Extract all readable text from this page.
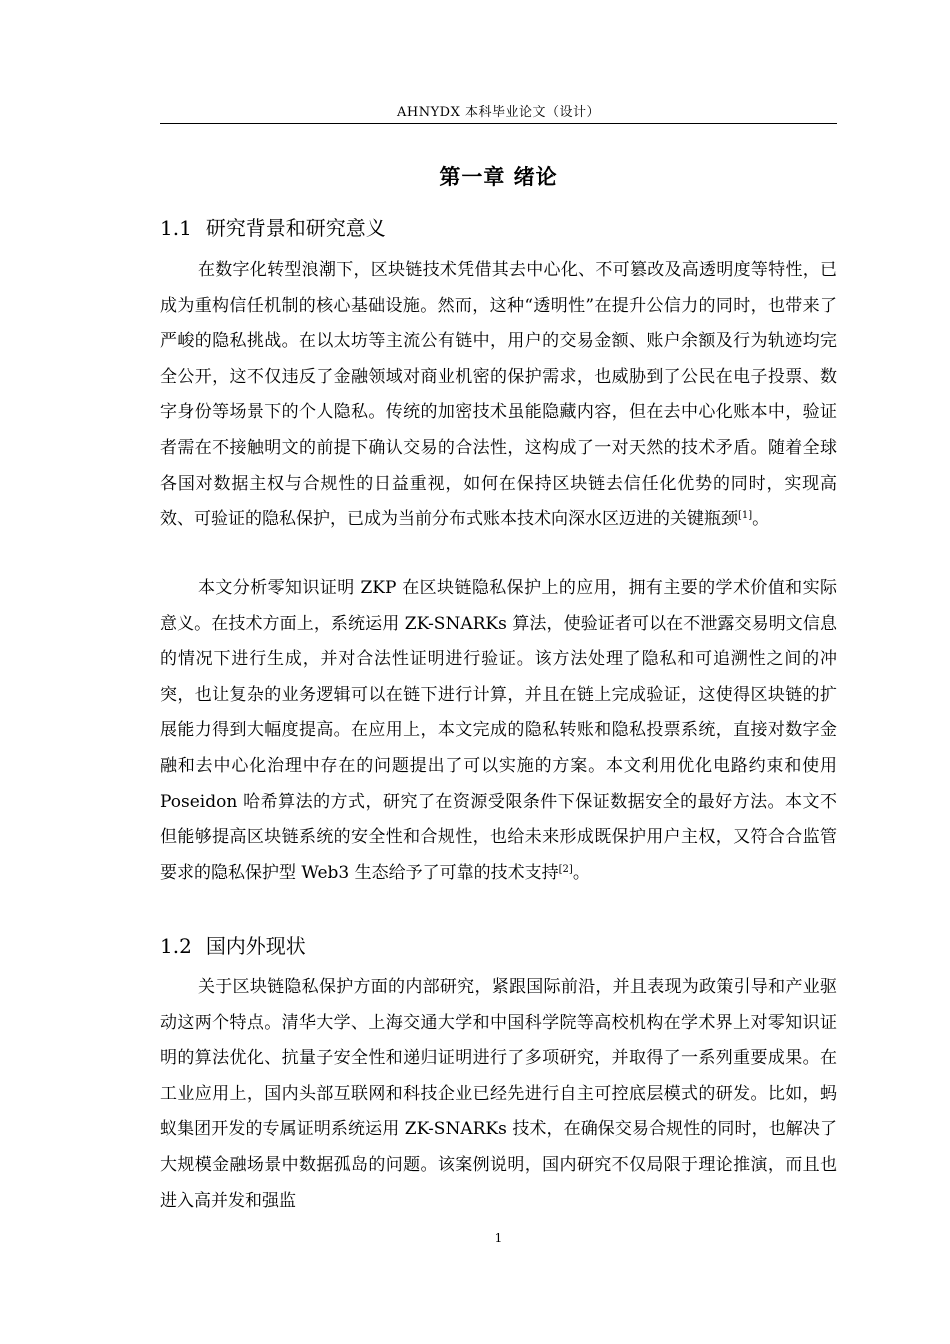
AHNYDX 本科毕业论文（设计）
第一章 绪论
1.1 研究背景和研究意义

在数字化转型浪潮下，区块链技术凭借其去中心化、不可篡改及高透明度等特性，已成为重构信任机制的核心基础设施。然而，这种“透明性”在提升公信力的同时，也带来了严峻的隐私挑战。在以太坊等主流公有链中，用户的交易金额、账户余额及行为轨迹均完全公开，这不仅违反了金融领域对商业机密的保护需求，也威胁到了公民在电子投票、数字身份等场景下的个人隐私。传统的加密技术虽能隐藏内容，但在去中心化账本中，验证者需在不接触明文的前提下确认交易的合法性，这构成了一对天然的技术矛盾。随着全球各国对数据主权与合规性的日益重视，如何在保持区块链去信任化优势的同时，实现高效、可验证的隐私保护，已成为当前分布式账本技术向深水区迈进的关键瓶颈[1]。

本文分析零知识证明 ZKP 在区块链隐私保护上的应用，拥有主要的学术价值和实际意义。在技术方面上，系统运用 ZK-SNARKs 算法，使验证者可以在不泄露交易明文信息的情况下进行生成，并对合法性证明进行验证。该方法处理了隐私和可追溯性之间的冲突，也让复杂的业务逻辑可以在链下进行计算，并且在链上完成验证，这使得区块链的扩展能力得到大幅度提高。在应用上，本文完成的隐私转账和隐私投票系统，直接对数字金融和去中心化治理中存在的问题提出了可以实施的方案。本文利用优化电路约束和使用 Poseidon 哈希算法的方式，研究了在资源受限条件下保证数据安全的最好方法。本文不但能够提高区块链系统的安全性和合规性，也给未来形成既保护用户主权，又符合合监管要求的隐私保护型 Web3 生态给予了可靠的技术支持[2]。

1.2 国内外现状

关于区块链隐私保护方面的内部研究，紧跟国际前沿，并且表现为政策引导和产业驱动这两个特点。清华大学、上海交通大学和中国科学院等高校机构在学术界上对零知识证明的算法优化、抗量子安全性和递归证明进行了多项研究，并取得了一系列重要成果。在工业应用上，国内头部互联网和科技企业已经先进行自主可控底层模式的研发。比如，蚂蚁集团开发的专属证明系统运用 ZK-SNARKs 技术，在确保交易合规性的同时，也解决了大规模金融场景中数据孤岛的问题。该案例说明，国内研究不仅局限于理论推演，而且也进入高并发和强监

1
